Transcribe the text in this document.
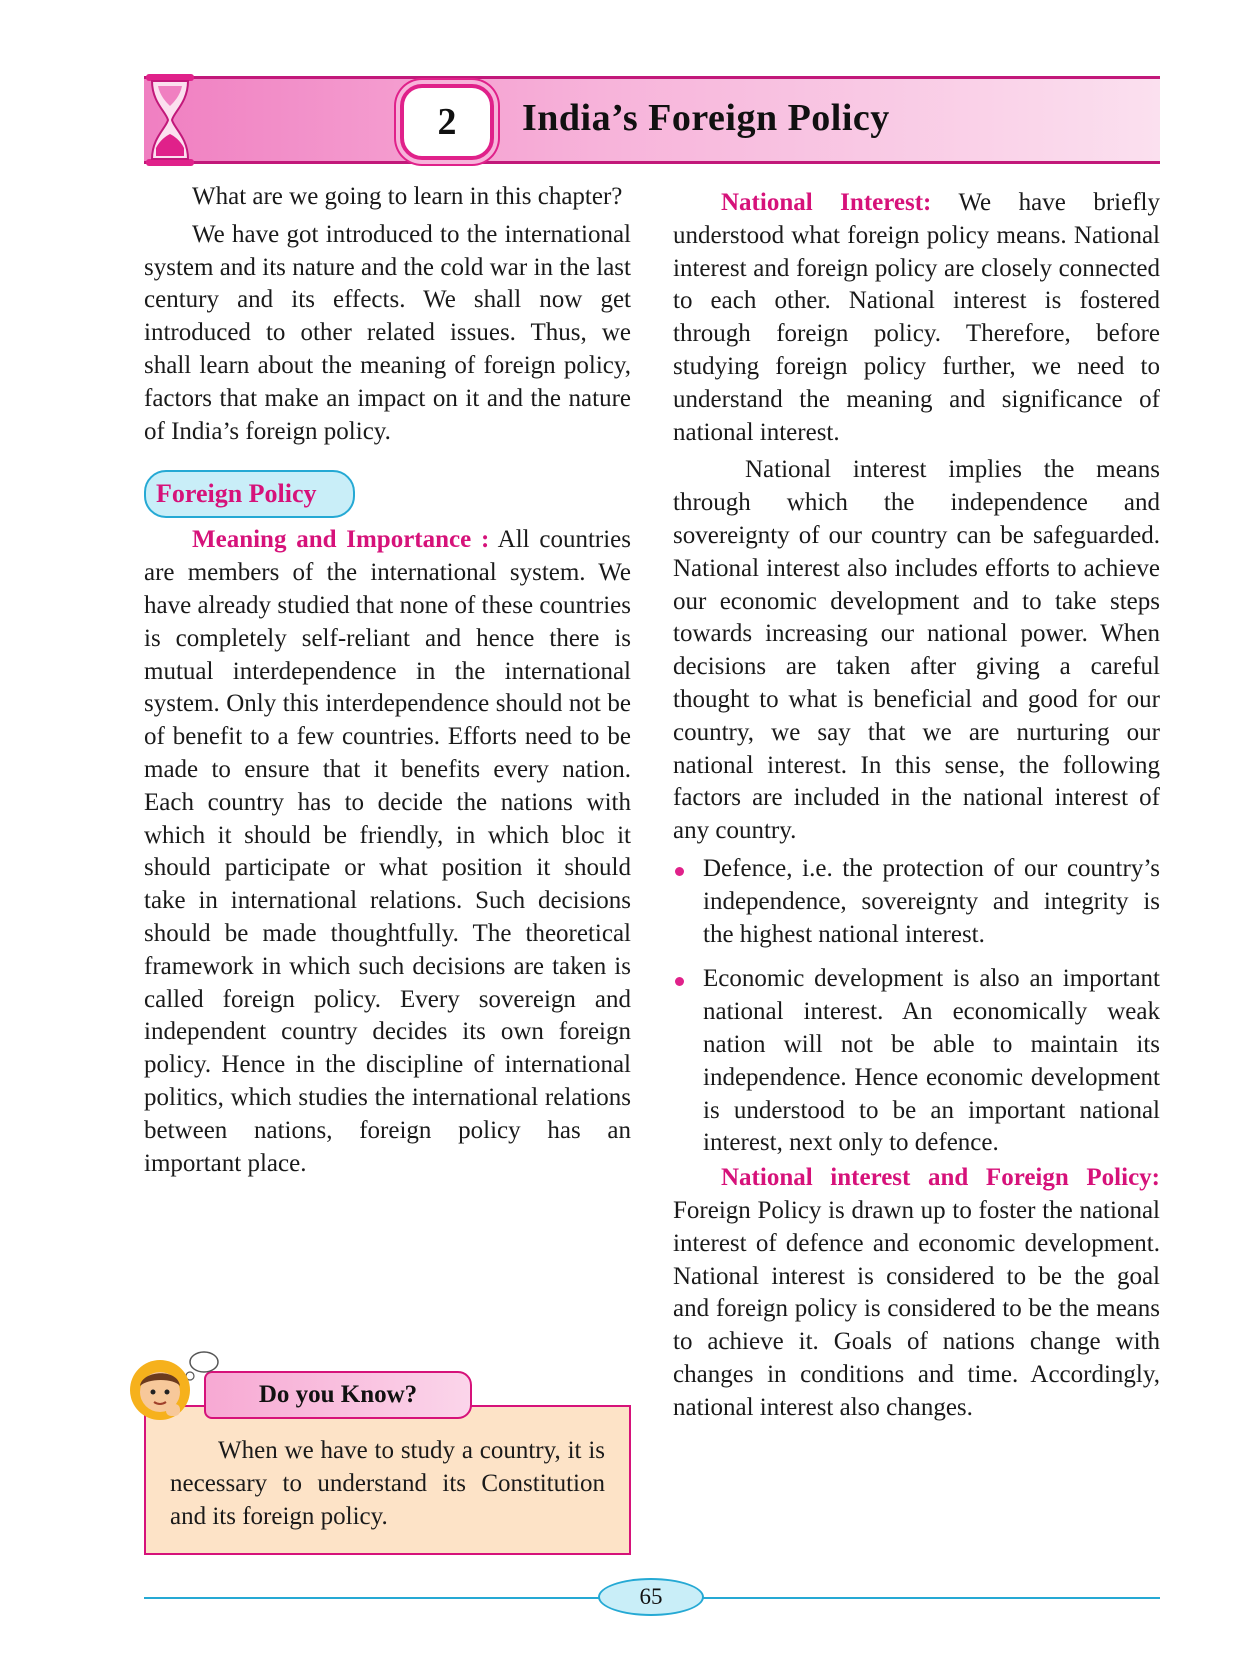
2 India’s Foreign Policy

What are we going to learn in this chapter?

We have got introduced to the international system and its nature and the cold war in the last century and its effects. We shall now get introduced to other related issues. Thus, we shall learn about the meaning of foreign policy, factors that make an impact on it and the nature of India’s foreign policy.

Foreign Policy

Meaning and Importance : All countries are members of the international system. We have already studied that none of these countries is completely self-reliant and hence there is mutual interdependence in the international system. Only this interdependence should not be of benefit to a few countries. Efforts need to be made to ensure that it benefits every nation. Each country has to decide the nations with which it should be friendly, in which bloc it should participate or what position it should take in international relations. Such decisions should be made thoughtfully. The theoretical framework in which such decisions are taken is called foreign policy. Every sovereign and independent country decides its own foreign policy. Hence in the discipline of international politics, which studies the international relations between nations, foreign policy has an important place.

When we have to study a country, it is necessary to understand its Constitution and its foreign policy.

Do you Know?

National Interest: We have briefly understood what foreign policy means. National interest and foreign policy are closely connected to each other. National interest is fostered through foreign policy. Therefore, before studying foreign policy further, we need to understand the meaning and significance of national interest.

National interest implies the means through which the independence and sovereignty of our country can be safeguarded. National interest also includes efforts to achieve our economic development and to take steps towards increasing our national power. When decisions are taken after giving a careful thought to what is beneficial and good for our country, we say that we are nurturing our national interest. In this sense, the following factors are included in the national interest of any country.

Defence, i.e. the protection of our country’s independence, sovereignty and integrity is the highest national interest.
Economic development is also an important national interest. An economically weak nation will not be able to maintain its independence. Hence economic development is understood to be an important national interest, next only to defence.

National interest and Foreign Policy: Foreign Policy is drawn up to foster the national interest of defence and economic development. National interest is considered to be the goal and foreign policy is considered to be the means to achieve it. Goals of nations change with changes in conditions and time. Accordingly, national interest also changes.

65
